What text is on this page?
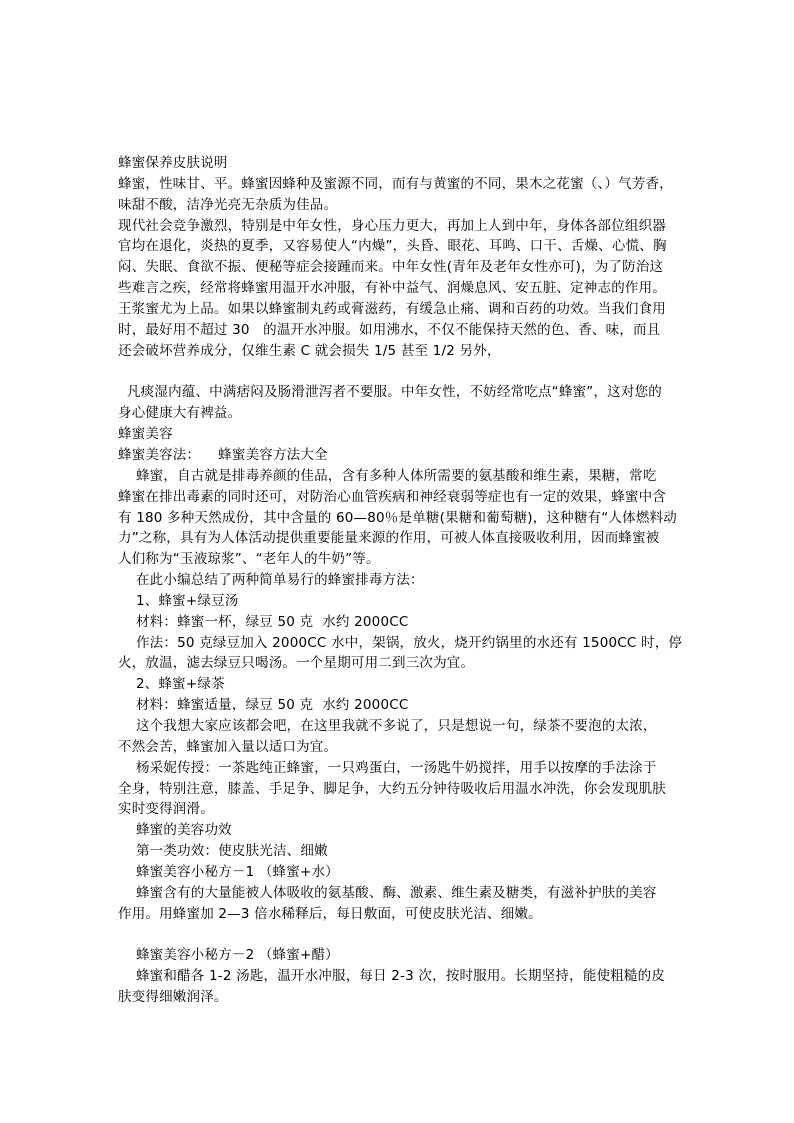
蜂蜜保养皮肤说明
蜂蜜，性味甘、平。蜂蜜因蜂种及蜜源不同，而有与黄蜜的不同，果木之花蜜（、）气芳香，
味甜不酸，洁净光亮无杂质为佳品。
现代社会竞争激烈，特别是中年女性，身心压力更大，再加上人到中年，身体各部位组织器
官均在退化，炎热的夏季，又容易使人“内燥”，头昏、眼花、耳鸣、口干、舌燥、心慌、胸
闷、失眠、食欲不振、便秘等症会接踵而来。中年女性(青年及老年女性亦可)，为了防治这
些难言之疾，经常将蜂蜜用温开水冲服，有补中益气、润燥息风、安五脏、定神志的作用。
王浆蜜尤为上品。如果以蜂蜜制丸药或膏滋药，有缓急止痛、调和百药的功效。当我们食用
时，最好用不超过 30   的温开水冲服。如用沸水，不仅不能保持天然的色、香、味，而且
还会破坏营养成分，仅维生素 C 就会损失 1/5 甚至 1/2 另外，
凡痰湿内蕴、中满痞闷及肠滑泄泻者不要服。中年女性，不妨经常吃点“蜂蜜”，这对您的
身心健康大有裨益。
蜂蜜美容
蜂蜜美容法：    蜂蜜美容方法大全
蜂蜜，自古就是排毒养颜的佳品，含有多种人体所需要的氨基酸和维生素，果糖，常吃
蜂蜜在排出毒素的同时还可，对防治心血管疾病和神经衰弱等症也有一定的效果，蜂蜜中含
有 180 多种天然成份，其中含量的 60—80％是单糖(果糖和葡萄糖)，这种糖有“人体燃料动
力”之称，具有为人体活动提供重要能量来源的作用，可被人体直接吸收利用，因而蜂蜜被
人们称为“玉液琼浆”、“老年人的牛奶”等。
在此小编总结了两种简单易行的蜂蜜排毒方法：
1、蜂蜜+绿豆汤
材料：蜂蜜一杯，绿豆 50 克  水约 2000CC
作法：50 克绿豆加入 2000CC 水中，架锅，放火，烧开约锅里的水还有 1500CC 时，停
火，放温，滤去绿豆只喝汤。一个星期可用二到三次为宜。
2、蜂蜜+绿茶
材料：蜂蜜适量，绿豆 50 克  水约 2000CC
这个我想大家应该都会吧，在这里我就不多说了，只是想说一句，绿茶不要泡的太浓，
不然会苦，蜂蜜加入量以适口为宜。
杨采妮传授：一茶匙纯正蜂蜜，一只鸡蛋白，一汤匙牛奶搅拌，用手以按摩的手法涂于
全身，特别注意，膝盖、手足争、脚足争，大约五分钟待吸收后用温水冲洗，你会发现肌肤
实时变得润滑。
蜂蜜的美容功效
第一类功效：使皮肤光洁、细嫩
蜂蜜美容小秘方－1 （蜂蜜+水）
蜂蜜含有的大量能被人体吸收的氨基酸、酶、激素、维生素及糖类，有滋补护肤的美容
作用。用蜂蜜加 2—3 倍水稀释后，每日敷面，可使皮肤光洁、细嫩。
蜂蜜美容小秘方－2 （蜂蜜+醋）
蜂蜜和醋各 1-2 汤匙，温开水冲服，每日 2-3 次，按时服用。长期坚持，能使粗糙的皮
肤变得细嫩润泽。
